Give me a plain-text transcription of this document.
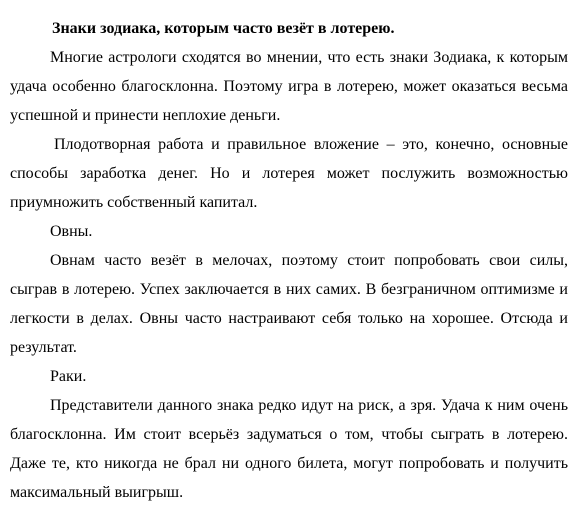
Знаки зодиака, которым часто везёт в лотерею.

Многие астрологи сходятся во мнении, что есть знаки Зодиака, к которым удача особенно благосклонна. Поэтому игра в лотерею, может оказаться весьма успешной и принести неплохие деньги.

Плодотворная работа и правильное вложение – это, конечно, основные способы заработка денег. Но и лотерея может послужить возможностью приумножить собственный капитал.

Овны.

Овнам часто везёт в мелочах, поэтому стоит попробовать свои силы, сыграв в лотерею. Успех заключается в них самих. В безграничном оптимизме и легкости в делах. Овны часто настраивают себя только на хорошее. Отсюда и результат.

Раки.

Представители данного знака редко идут на риск, а зря. Удача к ним очень благосклонна. Им стоит всерьёз задуматься о том, чтобы сыграть в лотерею. Даже те, кто никогда не брал ни одного билета, могут попробовать и получить максимальный выигрыш.
